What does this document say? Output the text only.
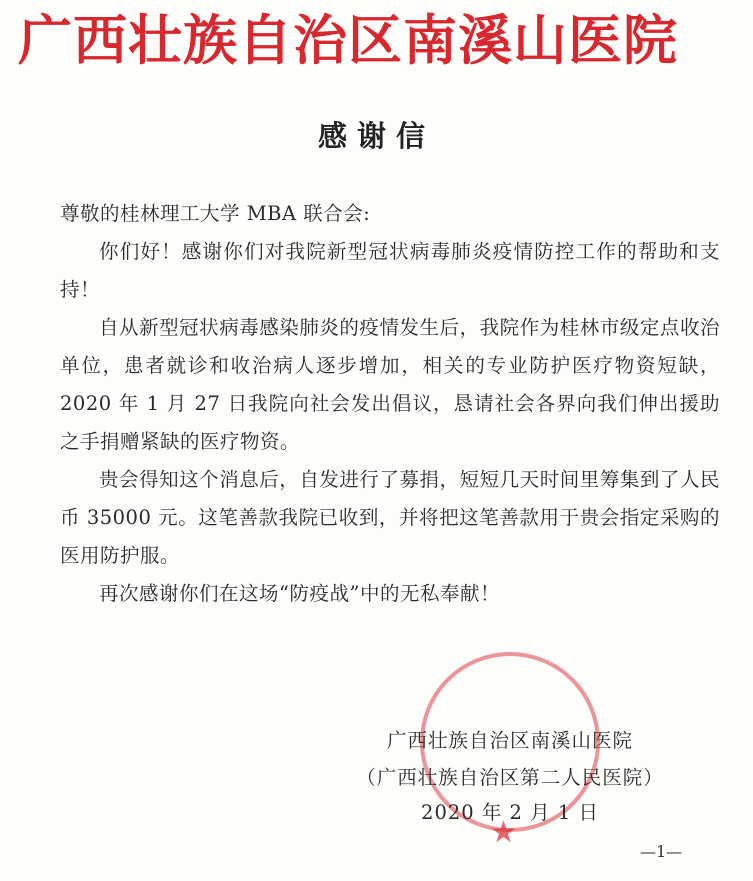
广西壮族自治区南溪山医院
感谢信

尊敬的桂林理工大学 MBA 联合会:

你们好！感谢你们对我院新型冠状病毒肺炎疫情防控工作的帮助和支持！

自从新型冠状病毒感染肺炎的疫情发生后，我院作为桂林市级定点收治单位，患者就诊和收治病人逐步增加，相关的专业防护医疗物资短缺，2020 年 1 月 27 日我院向社会发出倡议，恳请社会各界向我们伸出援助之手捐赠紧缺的医疗物资。

贵会得知这个消息后，自发进行了募捐，短短几天时间里筹集到了人民币 35000 元。这笔善款我院已收到，并将把这笔善款用于贵会指定采购的医用防护服。

再次感谢你们在这场“防疫战”中的无私奉献！

★
广西壮族自治区南溪山医院
（广西壮族自治区第二人民医院）
2020 年 2 月 1 日
—1—
